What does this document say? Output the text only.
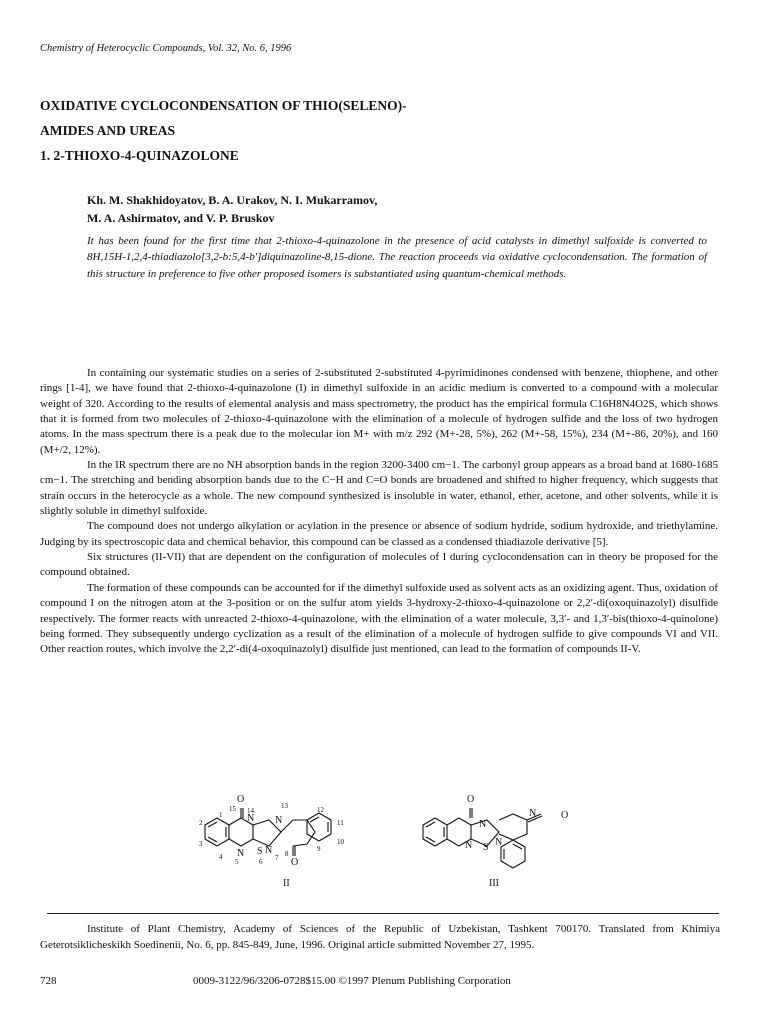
Chemistry of Heterocyclic Compounds, Vol. 32, No. 6, 1996
OXIDATIVE CYCLOCONDENSATION OF THIO(SELENO)-
AMIDES AND UREAS
1. 2-THIOXO-4-QUINAZOLONE
Kh. M. Shakhidoyatov, B. A. Urakov, N. I. Mukarramov,
M. A. Ashirmatov, and V. P. Bruskov
It has been found for the first time that 2-thioxo-4-quinazolone in the presence of acid catalysts in dimethyl sulfoxide is converted to 8H,15H-1,2,4-thiadiazolo[3,2-b:5,4-b']diquinazoline-8,15-dione. The reaction proceeds via oxidative cyclocondensation. The formation of this structure in preference to five other proposed isomers is substantiated using quantum-chemical methods.

In containing our systematic studies on a series of 2-substituted 2-substituted 4-pyrimidinones condensed with benzene, thiophene, and other rings [1-4], we have found that 2-thioxo-4-quinazolone (I) in dimethyl sulfoxide in an acidic medium is converted to a compound with a molecular weight of 320. According to the results of elemental analysis and mass spectrometry, the product has the empirical formula C16H8N4O2S, which shows that it is formed from two molecules of 2-thioxo-4-quinazolone with the elimination of a molecule of hydrogen sulfide and the loss of two hydrogen atoms. In the mass spectrum there is a peak due to the molecular ion M+ with m/z 292 (M+-28, 5%), 262 (M+-58, 15%), 234 (M+-86, 20%), and 160 (M+/2, 12%).

In the IR spectrum there are no NH absorption bands in the region 3200-3400 cm−1. The carbonyl group appears as a broad band at 1680-1685 cm−1. The stretching and bending absorption bands due to the C−H and C=O bonds are broadened and shifted to higher frequency, which suggests that strain occurs in the heterocycle as a whole. The new compound synthesized is insoluble in water, ethanol, ether, acetone, and other solvents, while it is slightly soluble in dimethyl sulfoxide.

The compound does not undergo alkylation or acylation in the presence or absence of sodium hydride, sodium hydroxide, and triethylamine. Judging by its spectroscopic data and chemical behavior, this compound can be classed as a condensed thiadiazole derivative [5].

Six structures (II-VII) that are dependent on the configuration of molecules of I during cyclocondensation can in theory be proposed for the compound obtained.

The formation of these compounds can be accounted for if the dimethyl sulfoxide used as solvent acts as an oxidizing agent. Thus, oxidation of compound I on the nitrogen atom at the 3-position or on the sulfur atom yields 3-hydroxy-2-thioxo-4-quinazolone or 2,2′-di(oxoquinazolyl) disulfide respectively. The former reacts with unreacted 2-thioxo-4-quinazolone, with the elimination of a water molecule, 3,3′- and 1,3′-bis(thioxo-4-quinolone) being formed. They subsequently undergo cyclization as a result of the elimination of a molecule of hydrogen sulfide to give compounds VI and VII. Other reaction routes, which involve the 2,2′-di(4-oxoquinazolyl) disulfide just mentioned, can lead to the formation of compounds II-V.

O
N
N
N
S
N
O
1
2
3
4
5	6 7 8
9
10
11
12
13
14
15
II
O
N
N S N
N O
III

Institute of Plant Chemistry, Academy of Sciences of the Republic of Uzbekistan, Tashkent 700170. Translated from Khimiya Geterotsiklicheskikh Soedinenii, No. 6, pp. 845-849, June, 1996. Original article submitted November 27, 1995.

728	0009-3122/96/3206-0728$15.00 ©1997 Plenum Publishing Corporation
